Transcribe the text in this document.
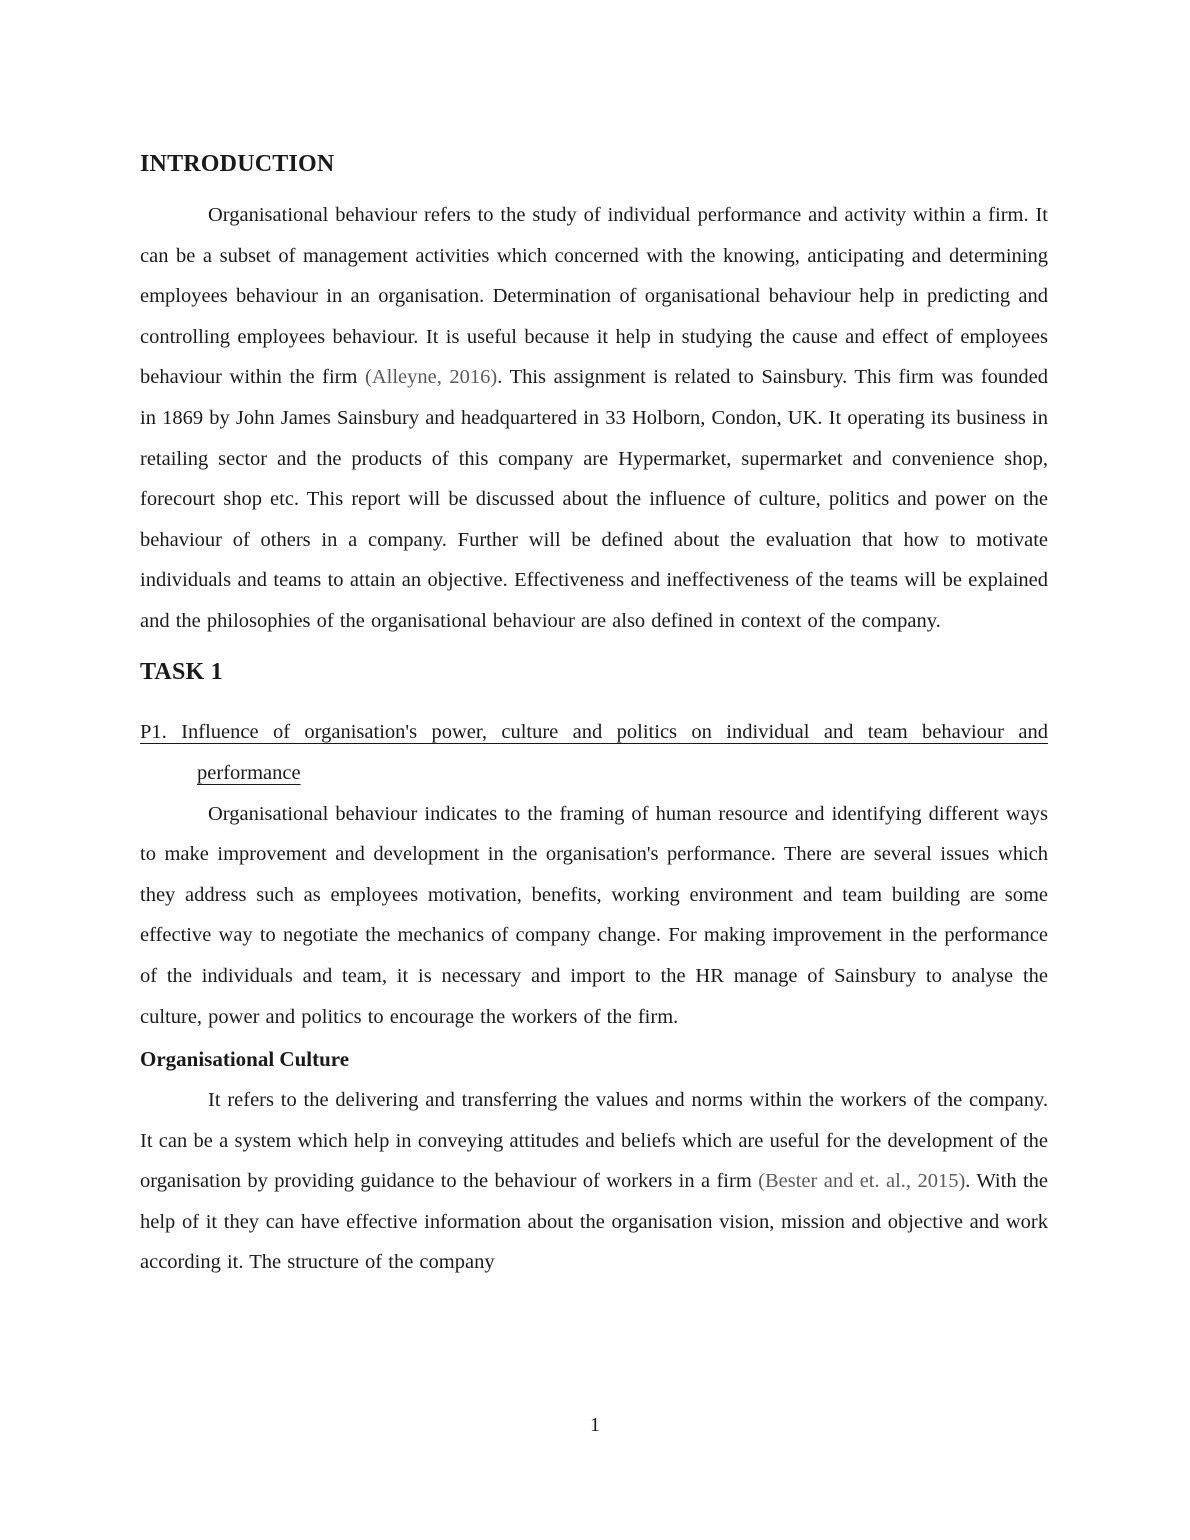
INTRODUCTION

Organisational behaviour refers to the study of individual performance and activity within a firm. It can be a subset of management activities which concerned with the knowing, anticipating and determining employees behaviour in an organisation. Determination of organisational behaviour help in predicting and controlling employees behaviour. It is useful because it help in studying the cause and effect of employees behaviour within the firm (Alleyne, 2016). This assignment is related to Sainsbury. This firm was founded in 1869 by John James Sainsbury and headquartered in 33 Holborn, Condon, UK. It operating its business in retailing sector and the products of this company are Hypermarket, supermarket and convenience shop, forecourt shop etc. This report will be discussed about the influence of culture, politics and power on the behaviour of others in a company. Further will be defined about the evaluation that how to motivate individuals and teams to attain an objective. Effectiveness and ineffectiveness of the teams will be explained and the philosophies of the organisational behaviour are also defined in context of the company.

TASK 1
P1. Influence of organisation's power, culture and politics on individual and team behaviour and performance

Organisational behaviour indicates to the framing of human resource and identifying different ways to make improvement and development in the organisation's performance. There are several issues which they address such as employees motivation, benefits, working environment and team building are some effective way to negotiate the mechanics of company change. For making improvement in the performance of the individuals and team, it is necessary and import to the HR manage of Sainsbury to analyse the culture, power and politics to encourage the workers of the firm.

Organisational Culture

It refers to the delivering and transferring the values and norms within the workers of the company. It can be a system which help in conveying attitudes and beliefs which are useful for the development of the organisation by providing guidance to the behaviour of workers in a firm (Bester and et. al., 2015). With the help of it they can have effective information about the organisation vision, mission and objective and work according it. The structure of the company

1
